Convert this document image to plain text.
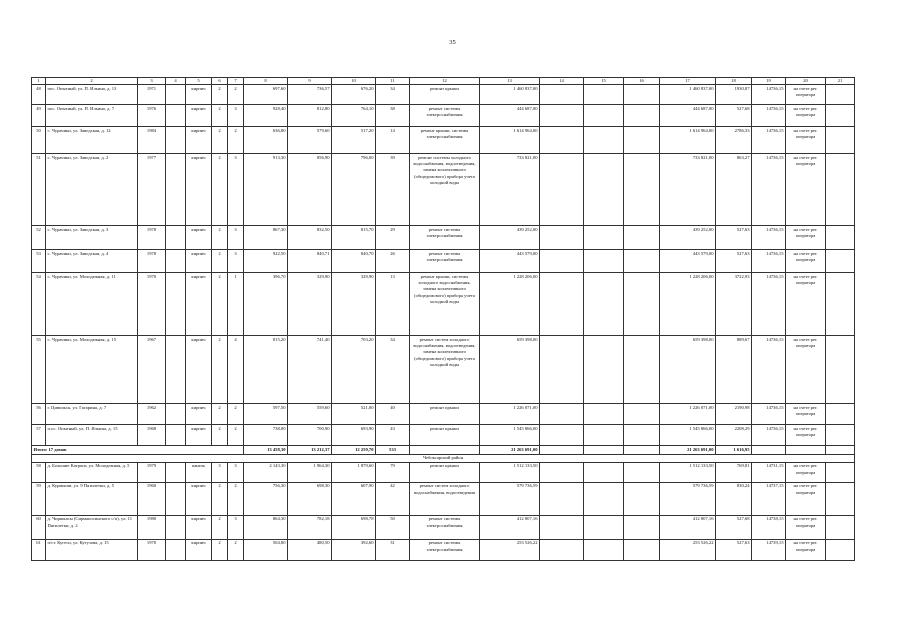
35
1	2	3	4	5	6	7	8	9	10	11	12	13	14	15	16	17	18	19	20	21
48	пос. Опытный, ул. П. Ильина, д. 13	1971		кирпич	2	2	697,60	736,57	676,20	34	ремонт крыши	1 460 837,00				1 460 837,00	1930,87	14736,15	на счете рег. оператора	
49	пос. Опытный, ул. П. Ильина, д. 7	1976		кирпич	2	3	928,40	812,80	764,10	38	ремонт системы электроснабжения	444 687,00				444 687,00	527,68	14736,15	на счете рег. оператора	
50	с. Чурачики, ул. Заводская, д. 12	1984		кирпич	2	2	636,80	579,60	517,20	14	ремонт крыши, системы электроснабжения	1 614 964,00				1 614 964,00	2786,33	14736,15	на счете рег. оператора	
51	с. Чурачики, ул. Заводская, д. 2	1977		кирпич	2	3	913,30	856,90	796,00	39	ремонт системы холодного водоснабжения, водоотведения, замена коллективного (общедомового) прибора учета холодной воды	733 821,00				733 821,00	863,27	14736,15	на счете рег. оператора	
52	с. Чурачики, ул. Заводская, д. 3	1978		кирпич	2	3	867,30	832,50	815,70	29	ремонт системы электроснабжения	439 252,00				439 252,00	527,63	14736,15	на счете рег. оператора	
53	с. Чурачики, ул. Заводская, д. 4	1978		кирпич	2	3	922,50	840,71	840,70	26	ремонт системы электроснабжения	443 579,00				443 579,00	527,63	14736,15	на счете рег. оператора	
54	с. Чурачики, ул. Молодежная, д. 11	1970		кирпич	2	1	396,70	329,90	329,90	13	ремонт крыши, системы холодного водоснабжения, замена коллективного (общедомового) прибора учета холодной воды	1 228 206,00				1 228 206,00	3722,93	14736,15	на счете рег. оператора	
55	с. Чурачики, ул. Молодежная, д. 15	1967		кирпич	2	4	815,20	741,40	703,20	34	ремонт систем холодного водоснабжения, водоотведения, замена коллективного (общедомового) прибора учета холодной воды	659 398,00				659 398,00	889,67	14736,15	на счете рег. оператора	
56	г. Цивильск, ул. Гагарина, д. 7	1962		кирпич	2	2	597,50	559,60	521,00	40	ремонт крыши	1 226 071,00				1 226 071,00	2190,98	14736,15	на счете рег. оператора	
57	п.ос. Опытный, ул. П. Ильина, д. 15	1968		кирпич	2	2	738,00	700,90	693,90	43	ремонт крыши	1 545 866,00				1 545 866,00	2208,29	14736,15	на счете рег. оператора	
Итого: 17 домов							13 458,30	13 212,37	12 259,70	533		21 263 691,00				21 263 691,00	1 616,95			
Чебоксарский район																				
58	д. Большие Катраси, ул. Молодежная, д. 5	1979		панель	3	3	2 143,30	1 964,30	1 879,60	79	ремонт крыши	1 512 133,50				1 512 133,50	769,81	14731,15	на счете рег. оператора	
59	д. Курмыши, ул. 9 Пятилетки, д. 5	1960		кирпич	2	2	756,30	698,30	607,90	42	ремонт систем холодного водоснабжения, водоотведения	579 736,59				579 736,59	830,24	14737,15	на счете рег. оператора	
60	д. Чиршкасы (Сирмапосинского с/п), ул. 11 Пятилетки, д. 2	1980		кирпич	2	3	864,30	782,18	698,78	50	ремонт системы электроснабжения	412 807,16				412 807,16	527,68	14738,15	на счете рег. оператора	
61	п/ст. Кугеси, ул. Кутузова, д. 15	1970		кирпич	2	2	504,80	480,50	392,60	31	ремонт системы электроснабжения	253 526,22				253 526,22	527,63	14739,15	на счете рег. оператора	
